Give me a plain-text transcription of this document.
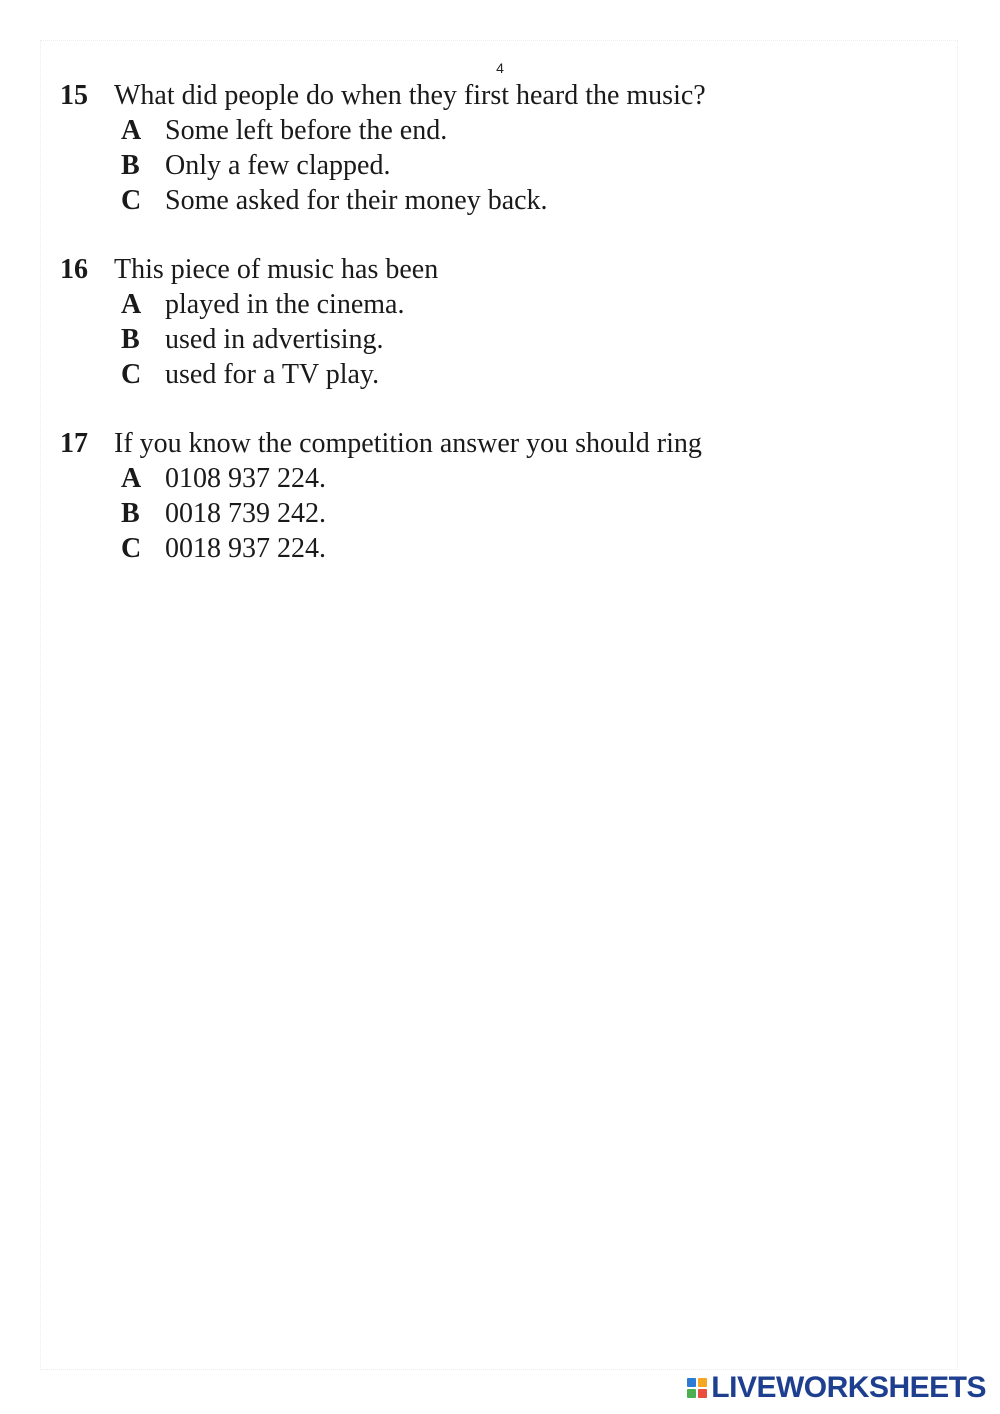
4
15 What did people do when they first heard the music?
A Some left before the end.
B Only a few clapped.
C Some asked for their money back.
16 This piece of music has been
A played in the cinema.
B used in advertising.
C used for a TV play.
17 If you know the competition answer you should ring
A 0108 937 224.
B 0018 739 242.
C 0018 937 224.
LIVEWORKSHEETS
